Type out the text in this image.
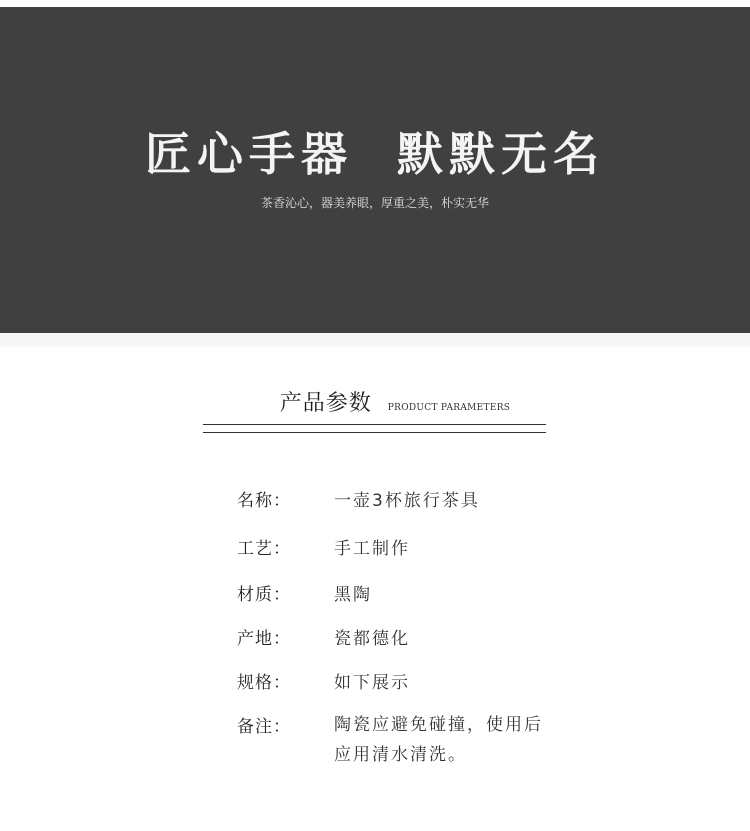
匠心手器  默默无名
茶香沁心，器美养眼，厚重之美，朴实无华
产品参数 PRODUCT PARAMETERS
名称：	一壶3杯旅行茶具
工艺：	手工制作
材质：	黑陶
产地：	瓷都德化
规格：	如下展示
备注：	陶瓷应避免碰撞，使用后应用清水清洗。
